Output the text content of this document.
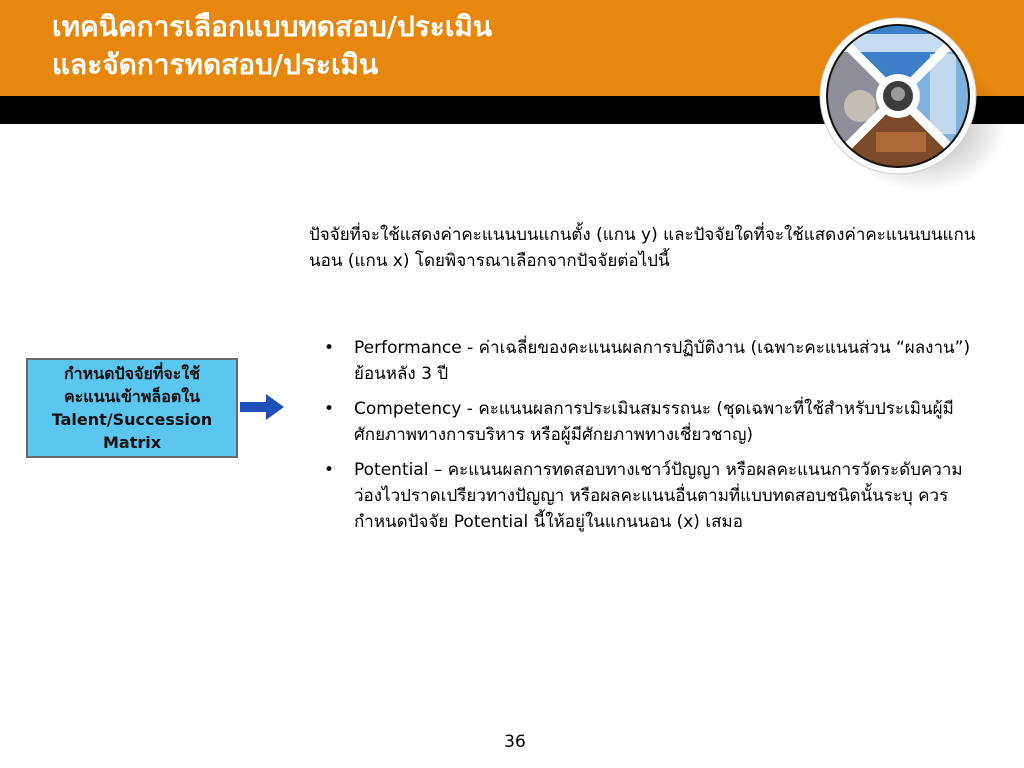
เทคนิคการเลือกแบบทดสอบ/ประเมิน
และจัดการทดสอบ/ประเมิน
ปัจจัยที่จะใช้แสดงค่าคะแนนบนแกนตั้ง (แกน y) และปัจจัยใดที่จะใช้แสดงค่าคะแนนบนแกนนอน (แกน x) โดยพิจารณาเลือกจากปัจจัยต่อไปนี้
กำหนดปัจจัยที่จะใช้
คะแนนเข้าพล็อตใน
Talent/Succession
Matrix
• Performance - ค่าเฉลี่ยของคะแนนผลการปฏิบัติงาน (เฉพาะคะแนนส่วน “ผลงาน”) ย้อนหลัง 3 ปี
• Competency - คะแนนผลการประเมินสมรรถนะ (ชุดเฉพาะที่ใช้สำหรับประเมินผู้มีศักยภาพทางการบริหาร หรือผู้มีศักยภาพทางเชี่ยวชาญ)
• Potential – คะแนนผลการทดสอบทางเชาว์ปัญญา หรือผลคะแนนการวัดระดับความว่องไวปราดเปรียวทางปัญญา หรือผลคะแนนอื่นตามที่แบบทดสอบชนิดนั้นระบุ ควรกำหนดปัจจัย Potential นี้ให้อยู่ในแกนนอน (x) เสมอ
36
